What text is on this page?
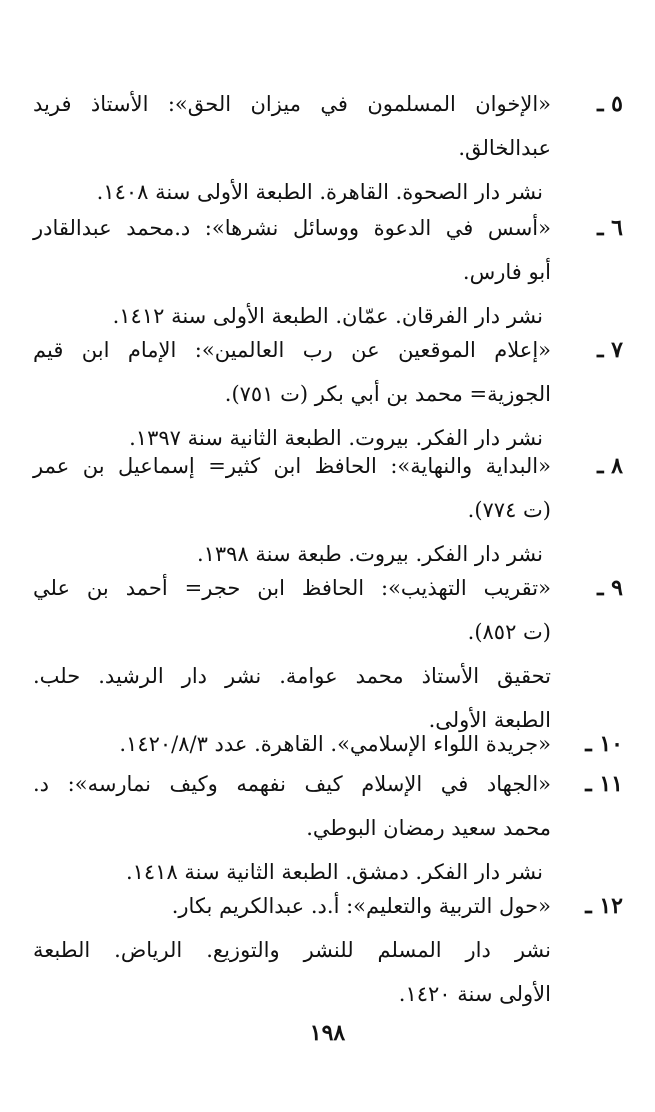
٥ ـ
«الإخوان المسلمون في ميزان الحق»: الأستاذ فريد
عبدالخالق.
نشر دار الصحوة. القاهرة. الطبعة الأولى سنة ١٤٠٨.
٦ ـ
«أسس في الدعوة ووسائل نشرها»: د.محمد عبدالقادر
أبو فارس.
نشر دار الفرقان. عمّان. الطبعة الأولى سنة ١٤١٢.
٧ ـ
«إعلام الموقعين عن رب العالمين»: الإمام ابن قيم
الجوزية= محمد بن أبي بكر (ت ٧٥١).
نشر دار الفكر. بيروت. الطبعة الثانية سنة ١٣٩٧.
٨ ـ
«البداية والنهاية»: الحافظ ابن كثير= إسماعيل بن عمر
(ت ٧٧٤).
نشر دار الفكر. بيروت. طبعة سنة ١٣٩٨.
٩ ـ
«تقريب التهذيب»: الحافظ ابن حجر= أحمد بن علي
(ت ٨٥٢).
تحقيق الأستاذ محمد عوامة. نشر دار الرشيد. حلب.
الطبعة الأولى.
١٠ ـ
«جريدة اللواء الإسلامي». القاهرة. عدد ١٤٢٠/٨/٣.
١١ ـ
«الجهاد في الإسلام كيف نفهمه وكيف نمارسه»: د.
محمد سعيد رمضان البوطي.
نشر دار الفكر. دمشق. الطبعة الثانية سنة ١٤١٨.
١٢ ـ
«حول التربية والتعليم»: أ.د. عبدالكريم بكار.
نشر دار المسلم للنشر والتوزيع. الرياض. الطبعة
الأولى سنة ١٤٢٠.
١٩٨
